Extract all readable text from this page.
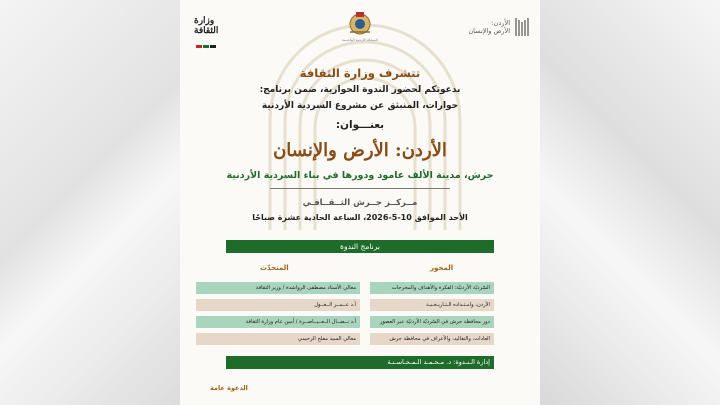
الأردن:
الأرض والإنسان
المملكة الأردنية الهاشمية
وزارة
الثقافة
تتشرف وزارة الثقافة
بدعوتكم لحضور الندوة الحوارية، ضمن برنامج:
حوارات، المنبثق عن مشروع السردية الأردنية
بعنـــوان:
الأردن: الأرض والإنسان
جرش، مدينة الألف عامود ودورها في بناء السردية الأردنية
مــركــز جــرش الثــقــافـي
الأحد الموافق 10-5-2026، الساعة الحادية عشرة صباحًا
برنامج الندوة
المحور
المتحدّث
السّرديّة الأردنيّة: الفكرة والأهداف والمخرجات
الأردن، وامـتـداده الـتـاريـخـيـة
دور محافظة جرش في السّرديّة الأردنيّة عبر العصور
العادات، والتقاليد، والأعراف في محافظة جرش
معالي الأستاذ مصطفى الرواشدة / وزير الثقافة
أ.د عــمــر الــغــول
أ.د نــضــال الــعــيــاصــرة / أمين عام وزارة الثقافة
معالي السيد مفلح الرحيمي
إدارة الـنـدوة: د. مـحـمـد الـمـحـاسـنـة
الدعوة عامة
